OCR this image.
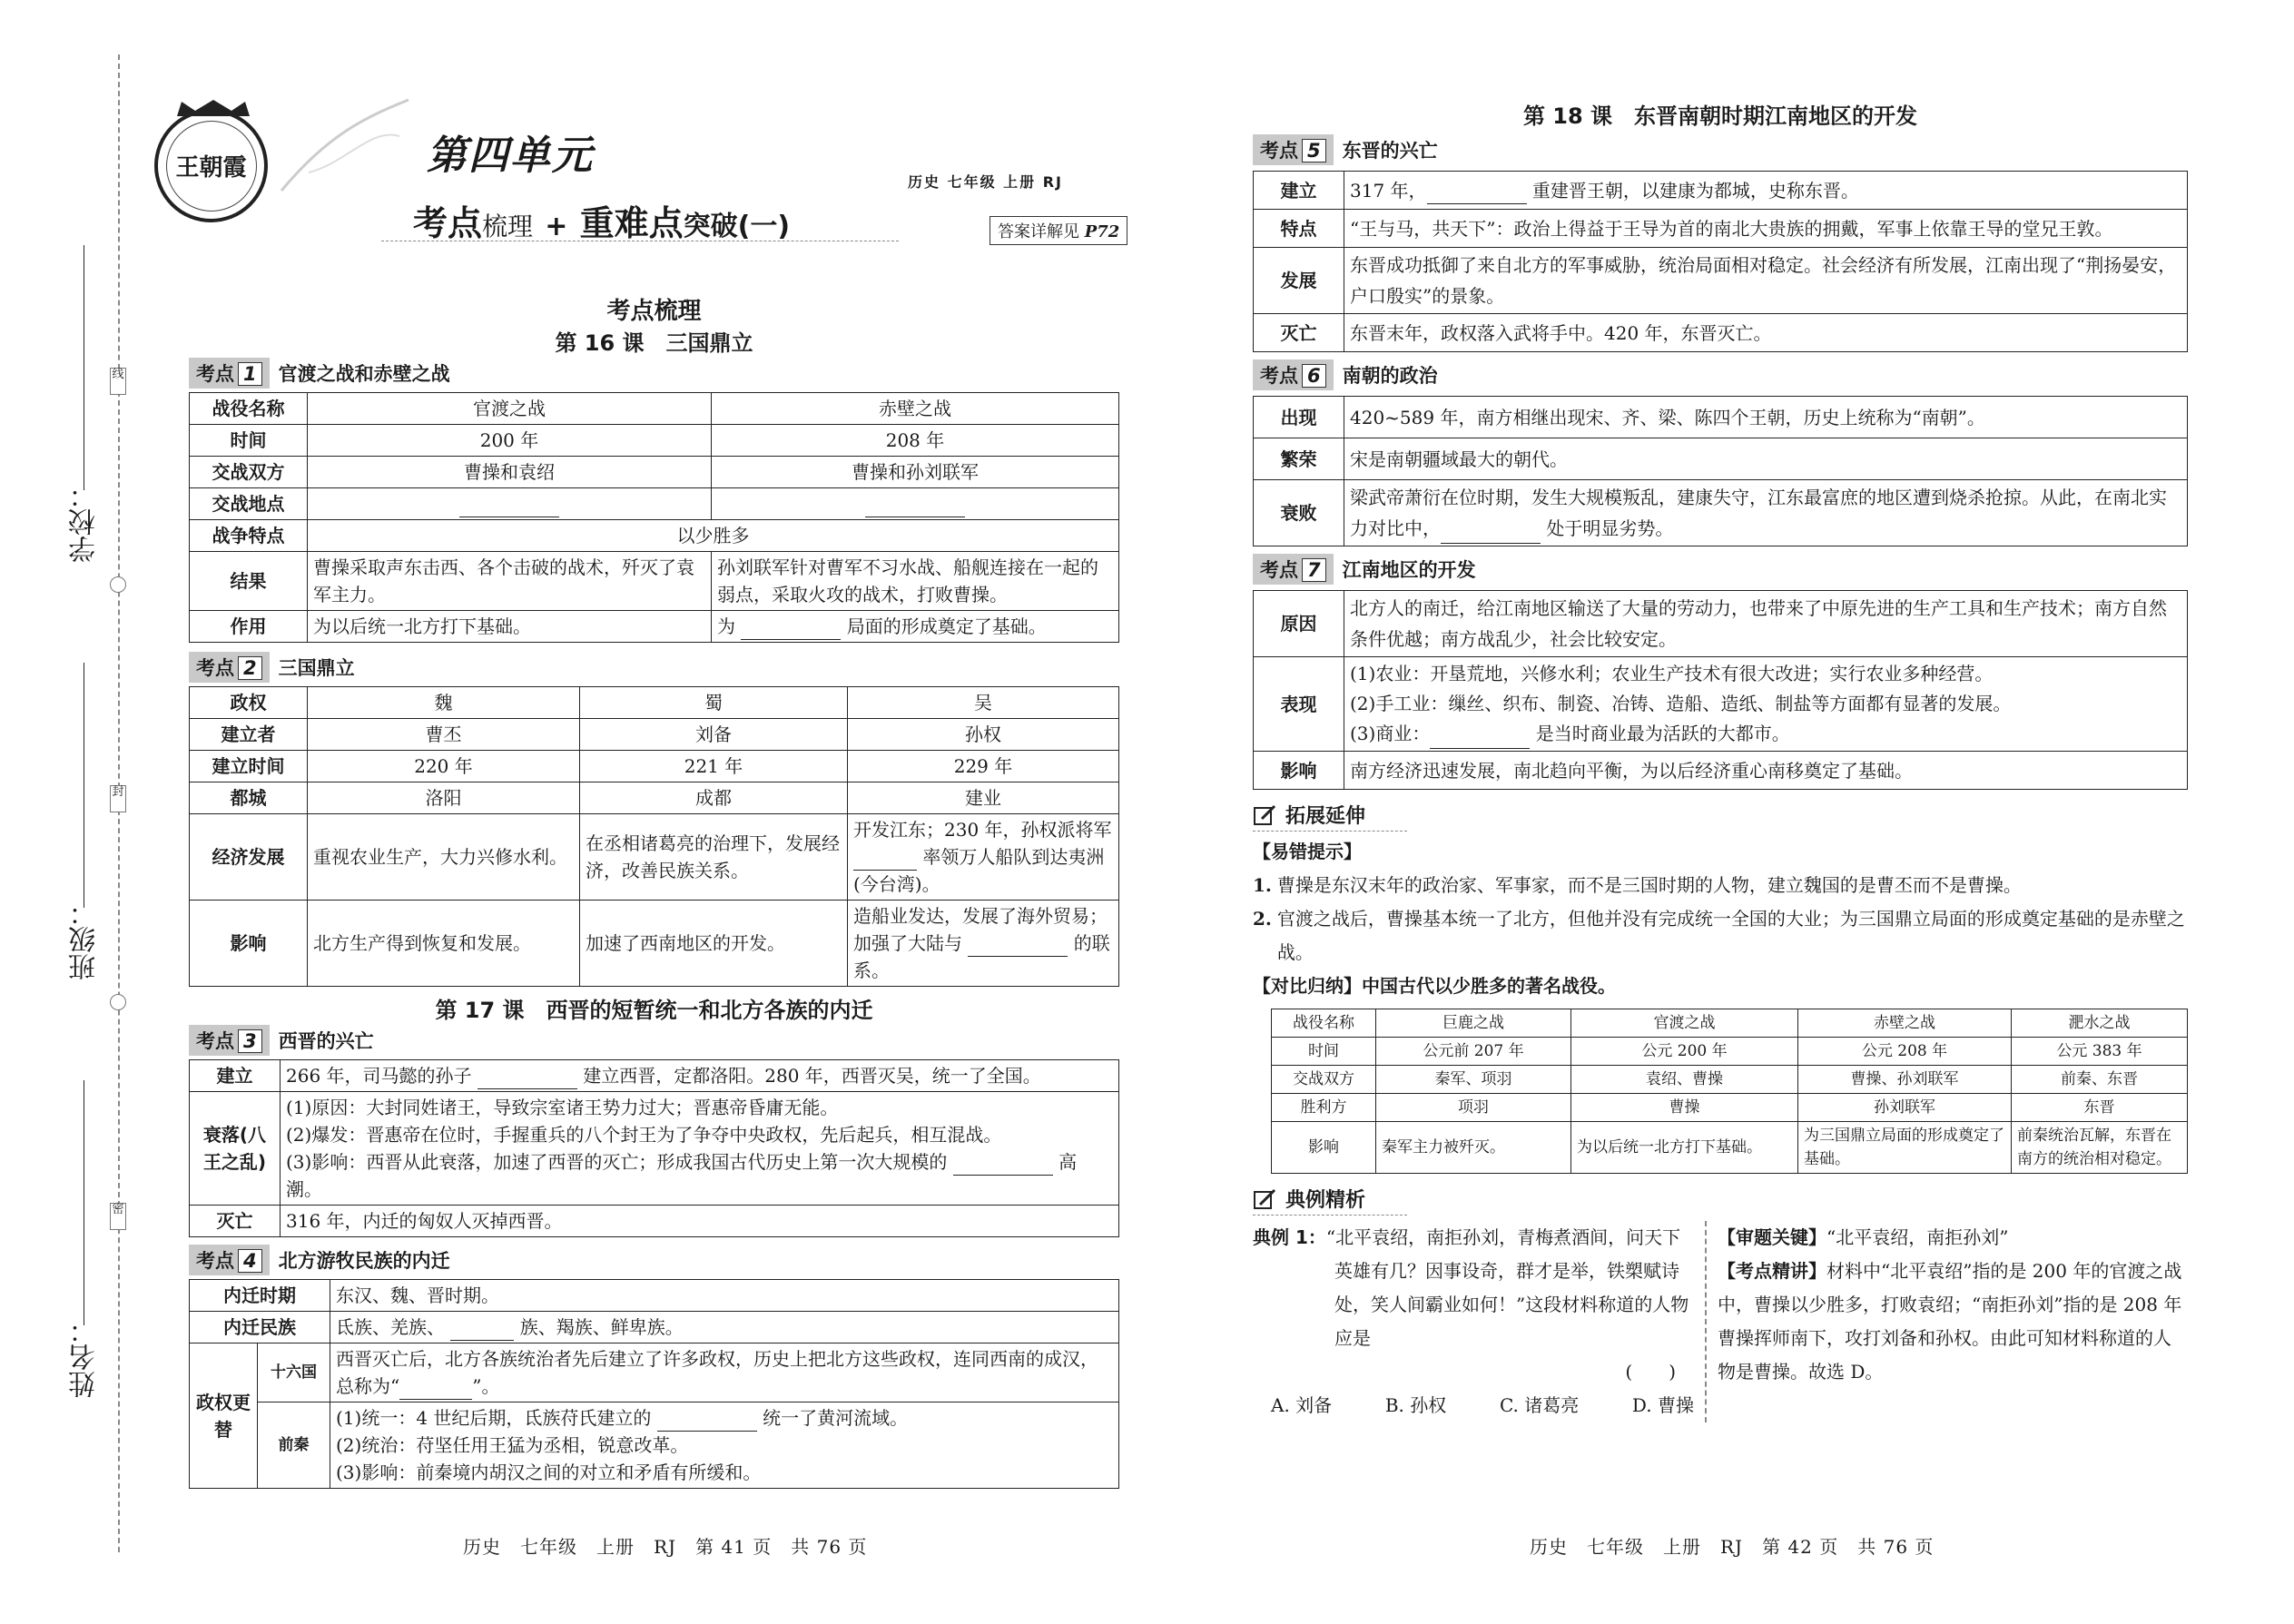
学校：
班级：
姓名：
线
封
密
王朝霞	第四单元
考点梳理 + 重难点突破(一)
历史 七年级 上册 RJ
答案详解见 P72
考点梳理
第 16 课　三国鼎立
考点 1	官渡之战和赤壁之战
战役名称	官渡之战	赤壁之战
时间	200 年	208 年
交战双方	曹操和袁绍	曹操和孙刘联军
交战地点		
战争特点	以少胜多	
结果	曹操采取声东击西、各个击破的战术，歼灭了袁军主力。	孙刘联军针对曹军不习水战、船舰连接在一起的弱点，采取火攻的战术，打败曹操。
作用	为以后统一北方打下基础。	为 局面的形成奠定了基础。
考点 2	三国鼎立
政权	魏	蜀	吴
建立者	曹丕	刘备	孙权
建立时间	220 年	221 年	229 年
都城	洛阳	成都	建业
经济发展	重视农业生产，大力兴修水利。	在丞相诸葛亮的治理下，发展经济，改善民族关系。	开发江东；230 年，孙权派将军  率领万人船队到达夷洲(今台湾)。
影响	北方生产得到恢复和发展。	加速了西南地区的开发。	造船业发达，发展了海外贸易；加强了大陆与 的联系。
第 17 课　西晋的短暂统一和北方各族的内迁
考点 3	西晋的兴亡
建立	266 年，司马懿的孙子 建立西晋，定都洛阳。280 年，西晋灭吴，统一了全国。
衰落(八王之乱)	(1)原因：大封同姓诸王，导致宗室诸王势力过大；晋惠帝昏庸无能。
(2)爆发：晋惠帝在位时，手握重兵的八个封王为了争夺中央政权，先后起兵，相互混战。
(3)影响：西晋从此衰落，加速了西晋的灭亡；形成我国古代历史上第一次大规模的 高潮。

灭亡	316 年，内迁的匈奴人灭掉西晋。
考点 4	北方游牧民族的内迁
内迁时期		东汉、魏、晋时期。
内迁民族		氐族、羌族、 族、羯族、鲜卑族。
政权更替	十六国	西晋灭亡后，北方各族统治者先后建立了许多政权，历史上把北方这些政权，连同西南的成汉，总称为“ ”。
	前秦	(1)统一：4 世纪后期，氐族苻氏建立的 统一了黄河流域。
(2)统治：苻坚任用王猛为丞相，锐意改革。
(3)影响：前秦境内胡汉之间的对立和矛盾有所缓和。
历史　七年级　上册　RJ　第 41 页　共 76 页
第 18 课　东晋南朝时期江南地区的开发
考点 5	东晋的兴亡
建立	317 年， 重建晋王朝，以建康为都城，史称东晋。
特点	“王与马，共天下”：政治上得益于王导为首的南北大贵族的拥戴，军事上依靠王导的堂兄王敦。
发展	东晋成功抵御了来自北方的军事威胁，统治局面相对稳定。社会经济有所发展，江南出现了“荆扬晏安，户口殷实”的景象。
灭亡	东晋末年，政权落入武将手中。420 年，东晋灭亡。
考点 6	南朝的政治
出现	420~589 年，南方相继出现宋、齐、梁、陈四个王朝，历史上统称为“南朝”。
繁荣	宋是南朝疆域最大的朝代。
衰败	梁武帝萧衍在位时期，发生大规模叛乱，建康失守，江东最富庶的地区遭到烧杀抢掠。从此，在南北实力对比中， 处于明显劣势。
考点 7	江南地区的开发
原因	北方人的南迁，给江南地区输送了大量的劳动力，也带来了中原先进的生产工具和生产技术；南方自然条件优越；南方战乱少，社会比较安定。
表现	(1)农业：开垦荒地，兴修水利；农业生产技术有很大改进；实行农业多种经营。
(2)手工业：缫丝、织布、制瓷、冶铸、造船、造纸、制盐等方面都有显著的发展。
(3)商业： 是当时商业最为活跃的大都市。

影响	南方经济迅速发展，南北趋向平衡，为以后经济重心南移奠定了基础。
拓展延伸
【易错提示】
1. 曹操是东汉末年的政治家、军事家，而不是三国时期的人物，建立魏国的是曹丕而不是曹操。
2. 官渡之战后，曹操基本统一了北方，但他并没有完成统一全国的大业；为三国鼎立局面的形成奠定基础的是赤壁之战。
【对比归纳】中国古代以少胜多的著名战役。
战役名称	巨鹿之战	官渡之战	赤壁之战	淝水之战
时间	公元前 207 年	公元 200 年	公元 208 年	公元 383 年
交战双方	秦军、项羽	袁绍、曹操	曹操、孙刘联军	前秦、东晋
胜利方	项羽	曹操	孙刘联军	东晋
影响	秦军主力被歼灭。	为以后统一北方打下基础。	为三国鼎立局面的形成奠定了基础。	前秦统治瓦解，东晋在南方的统治相对稳定。
典例精析
典例 1：“北平袁绍，南拒孙刘，青梅煮酒间，问天下英雄有几？因事设奇，群才是举，铁槊赋诗处，笑人间霸业如何！”这段材料称道的人物应是
(　　)
A. 刘备	B. 孙权	C. 诸葛亮	D. 曹操
【审题关键】“北平袁绍，南拒孙刘”
【考点精讲】材料中“北平袁绍”指的是 200 年的官渡之战中，曹操以少胜多，打败袁绍；“南拒孙刘”指的是 208 年曹操挥师南下，攻打刘备和孙权。由此可知材料称道的人物是曹操。故选 D。
历史　七年级　上册　RJ　第 42 页　共 76 页
